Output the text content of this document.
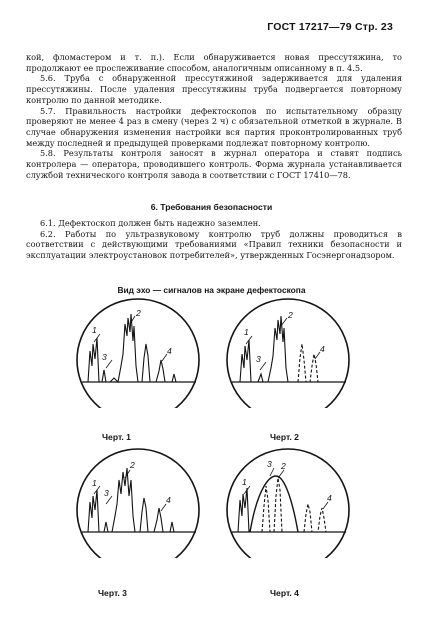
ГОСТ 17217—79 Стр. 23

кой, фломастером и т. п.). Если обнаруживается новая прессутяжина, то продолжают ее прослеживание способом, аналогичным описанному в п. 4.5.

5.6. Труба с обнаруженной прессутяжиной задерживается для удаления прессутяжины. После удаления прессутяжины труба подвергается повторному контролю по данной методике.

5.7. Правильность настройки дефектоскопов по испытательному образцу проверяют не менее 4 раз в смену (через 2 ч) с обязательной отметкой в журнале. В случае обнаружения изменения настройки вся партия проконтролированных труб между последней и предыдущей проверками подлежат повторному контролю.

5.8. Результаты контроля заносят в журнал оператора и ставят подпись контролера — оператора, проводившего контроль. Форма журнала устанавливается службой технического контроля завода в соответствии с ГОСТ 17410—78.

6. Требования безопасности

6.1. Дефектоскоп должен быть надежно заземлен.

6.2. Работы по ультразвуковому контролю труб должны проводиться в соответствии с действующими требованиями «Правил техники безопасности и эксплуатации электроустановок потребителей», утвержденных Госэнергонадзором.

Вид эхо — сигналов на экране дефектоскопа
1
2
3
4
Черт. 1
1
2
3
4
Черт. 2
1
2
3
4
Черт. 3
1
2
3
4
Черт. 4
